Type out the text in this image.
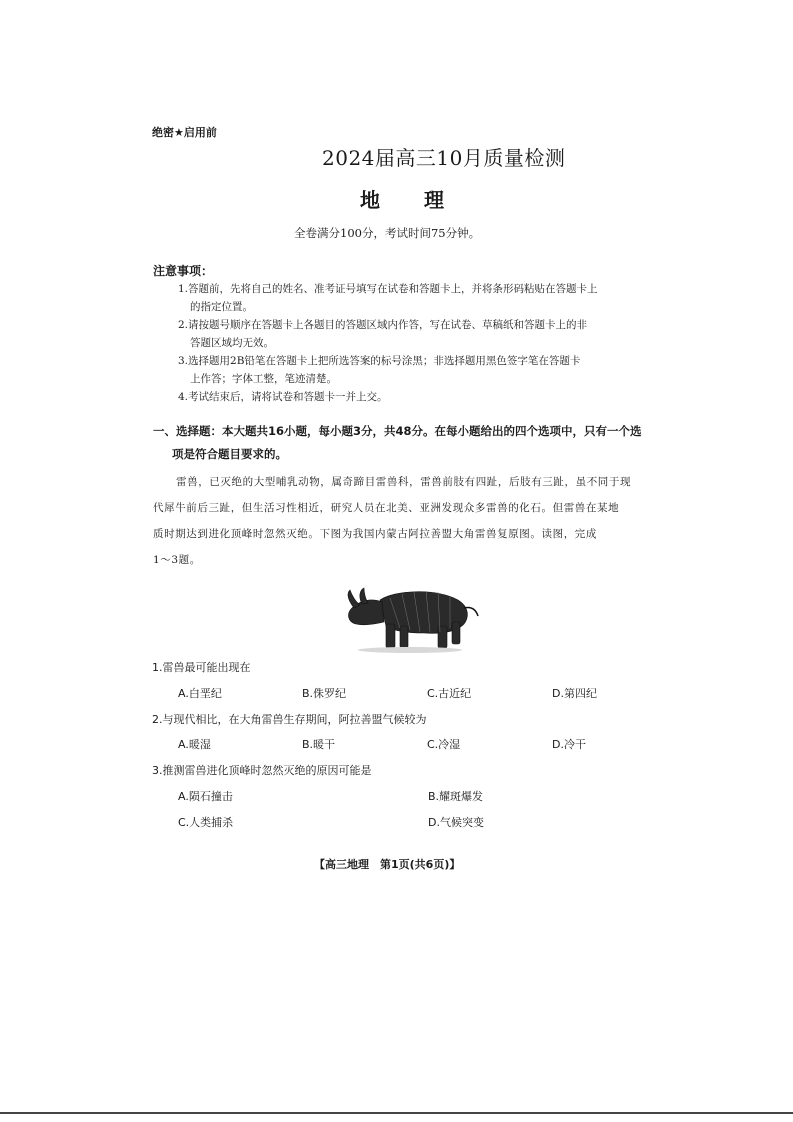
绝密★启用前
2024届高三10月质量检测
地理
全卷满分100分，考试时间75分钟。
注意事项：
1.答题前，先将自己的姓名、准考证号填写在试卷和答题卡上，并将条形码粘贴在答题卡上
的指定位置。
2.请按题号顺序在答题卡上各题目的答题区域内作答，写在试卷、草稿纸和答题卡上的非
答题区域均无效。
3.选择题用2B铅笔在答题卡上把所选答案的标号涂黑；非选择题用黑色签字笔在答题卡
上作答；字体工整，笔迹清楚。
4.考试结束后，请将试卷和答题卡一并上交。
一、选择题：本大题共16小题，每小题3分，共48分。在每小题给出的四个选项中，只有一个选
项是符合题目要求的。
雷兽，已灭绝的大型哺乳动物，属奇蹄目雷兽科，雷兽前肢有四趾，后肢有三趾，虽不同于现
代犀牛前后三趾，但生活习性相近，研究人员在北美、亚洲发现众多雷兽的化石。但雷兽在某地
质时期达到进化顶峰时忽然灭绝。下图为我国内蒙古阿拉善盟大角雷兽复原图。读图，完成
1～3题。
1.雷兽最可能出现在
A.白垩纪	B.侏罗纪	C.古近纪	D.第四纪
2.与现代相比，在大角雷兽生存期间，阿拉善盟气候较为
A.暖湿	B.暖干	C.冷湿	D.冷干
3.推测雷兽进化顶峰时忽然灭绝的原因可能是
A.陨石撞击	B.耀斑爆发
C.人类捕杀	D.气候突变
【高三地理　第1页(共6页)】
